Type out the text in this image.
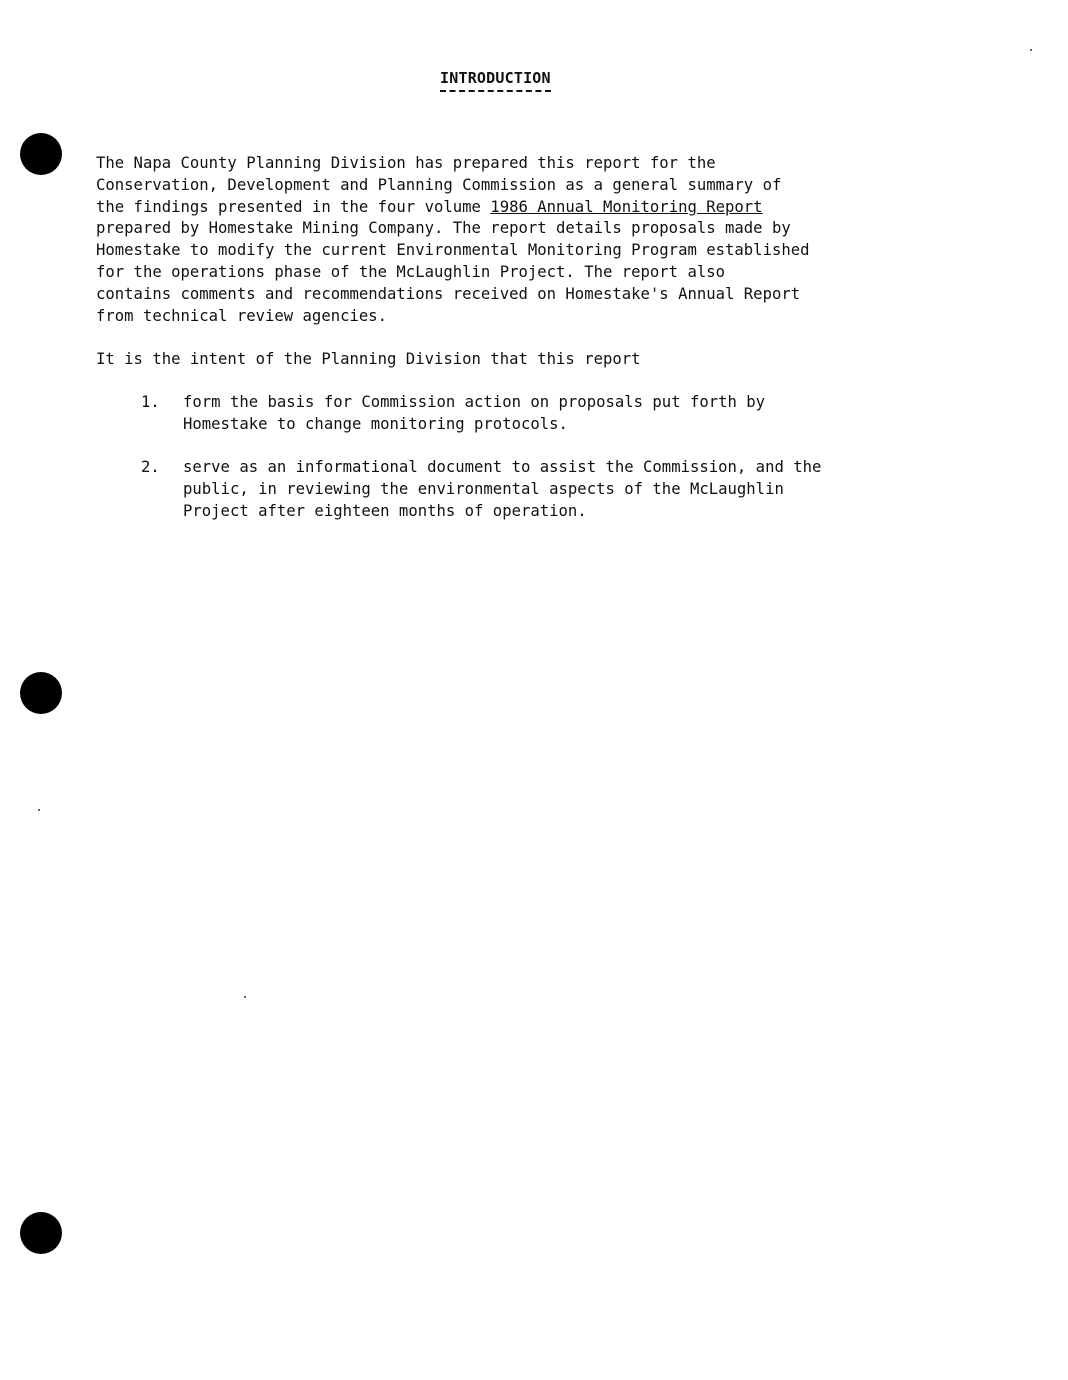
INTRODUCTION
The Napa County Planning Division has prepared this report for the
Conservation, Development and Planning Commission as a general summary of
the findings presented in the four volume 1986 Annual Monitoring Report
prepared by Homestake Mining Company. The report details proposals made by
Homestake to modify the current Environmental Monitoring Program established
for the operations phase of the McLaughlin Project. The report also
contains comments and recommendations received on Homestake's Annual Report
from technical review agencies.
It is the intent of the Planning Division that this report
1. form the basis for Commission action on proposals put forth by
Homestake to change monitoring protocols.
2. serve as an informational document to assist the Commission, and the
public, in reviewing the environmental aspects of the McLaughlin
Project after eighteen months of operation.
